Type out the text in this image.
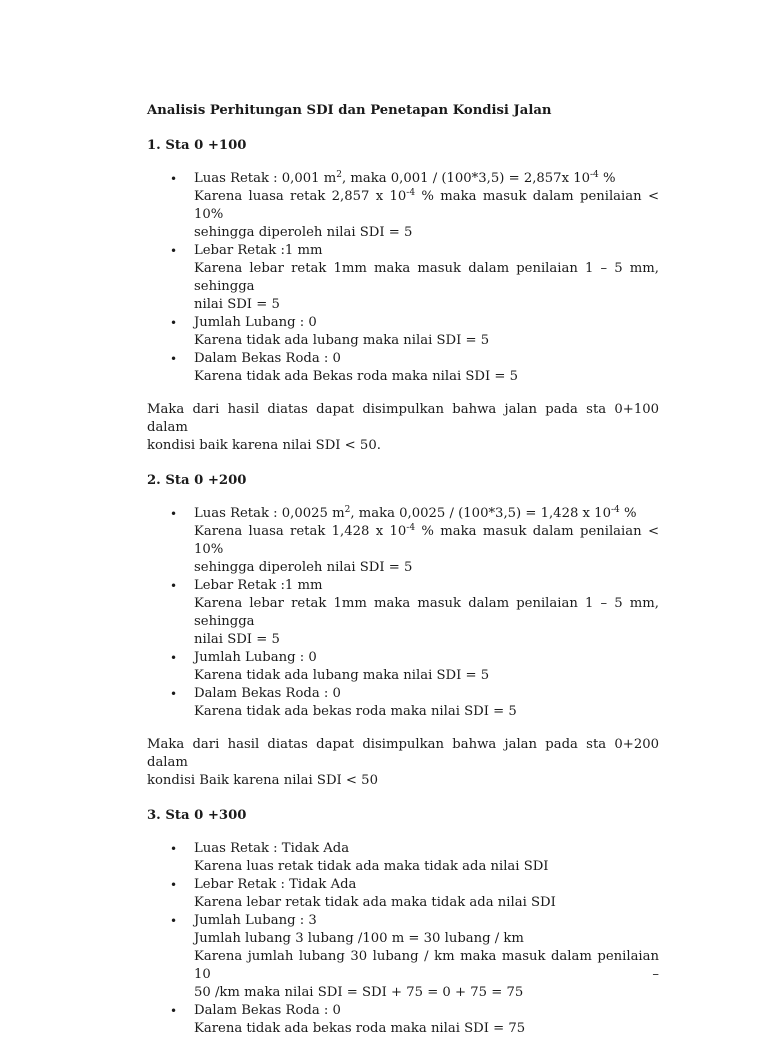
Analisis Perhitungan SDI dan Penetapan Kondisi Jalan
1. Sta 0 +100
• Luas Retak : 0,001 $m^2$, maka 0,001 / (100*3,5) = 2,857x $10^{-4}$ %
Karena luasa retak 2,857 x $10^{-4}$ % maka masuk dalam penilaian < 10%
sehingga diperoleh nilai SDI = 5
• Lebar Retak :1 mm
Karena lebar retak 1mm maka masuk dalam penilaian 1 – 5 mm, sehingga
nilai SDI = 5
• Jumlah Lubang : 0
Karena tidak ada lubang maka nilai SDI = 5
• Dalam Bekas Roda : 0
Karena tidak ada Bekas roda maka nilai SDI = 5
Maka dari hasil diatas dapat disimpulkan bahwa jalan pada sta 0+100 dalam
kondisi baik karena nilai SDI < 50.
2. Sta 0 +200
• Luas Retak : 0,0025 $m^2$, maka 0,0025 / (100*3,5) = 1,428 x $10^{-4}$ %
Karena luasa retak 1,428 x $10^{-4}$ % maka masuk dalam penilaian < 10%
sehingga diperoleh nilai SDI = 5
• Lebar Retak :1 mm
Karena lebar retak 1mm maka masuk dalam penilaian 1 – 5 mm, sehingga
nilai SDI = 5
• Jumlah Lubang : 0
Karena tidak ada lubang maka nilai SDI = 5
• Dalam Bekas Roda : 0
Karena tidak ada bekas roda maka nilai SDI = 5
Maka dari hasil diatas dapat disimpulkan bahwa jalan pada sta 0+200 dalam
kondisi Baik karena nilai SDI < 50
3. Sta 0 +300
• Luas Retak : Tidak Ada
Karena luas retak tidak ada maka tidak ada nilai SDI
• Lebar Retak : Tidak Ada
Karena lebar retak tidak ada maka tidak ada nilai SDI
• Jumlah Lubang : 3
Jumlah lubang 3 lubang /100 m = 30 lubang / km
Karena jumlah lubang 30 lubang / km maka masuk dalam penilaian 10 –
50 /km maka nilai SDI = SDI + 75 = 0 + 75 = 75
• Dalam Bekas Roda : 0
Karena tidak ada bekas roda maka nilai SDI = 75
